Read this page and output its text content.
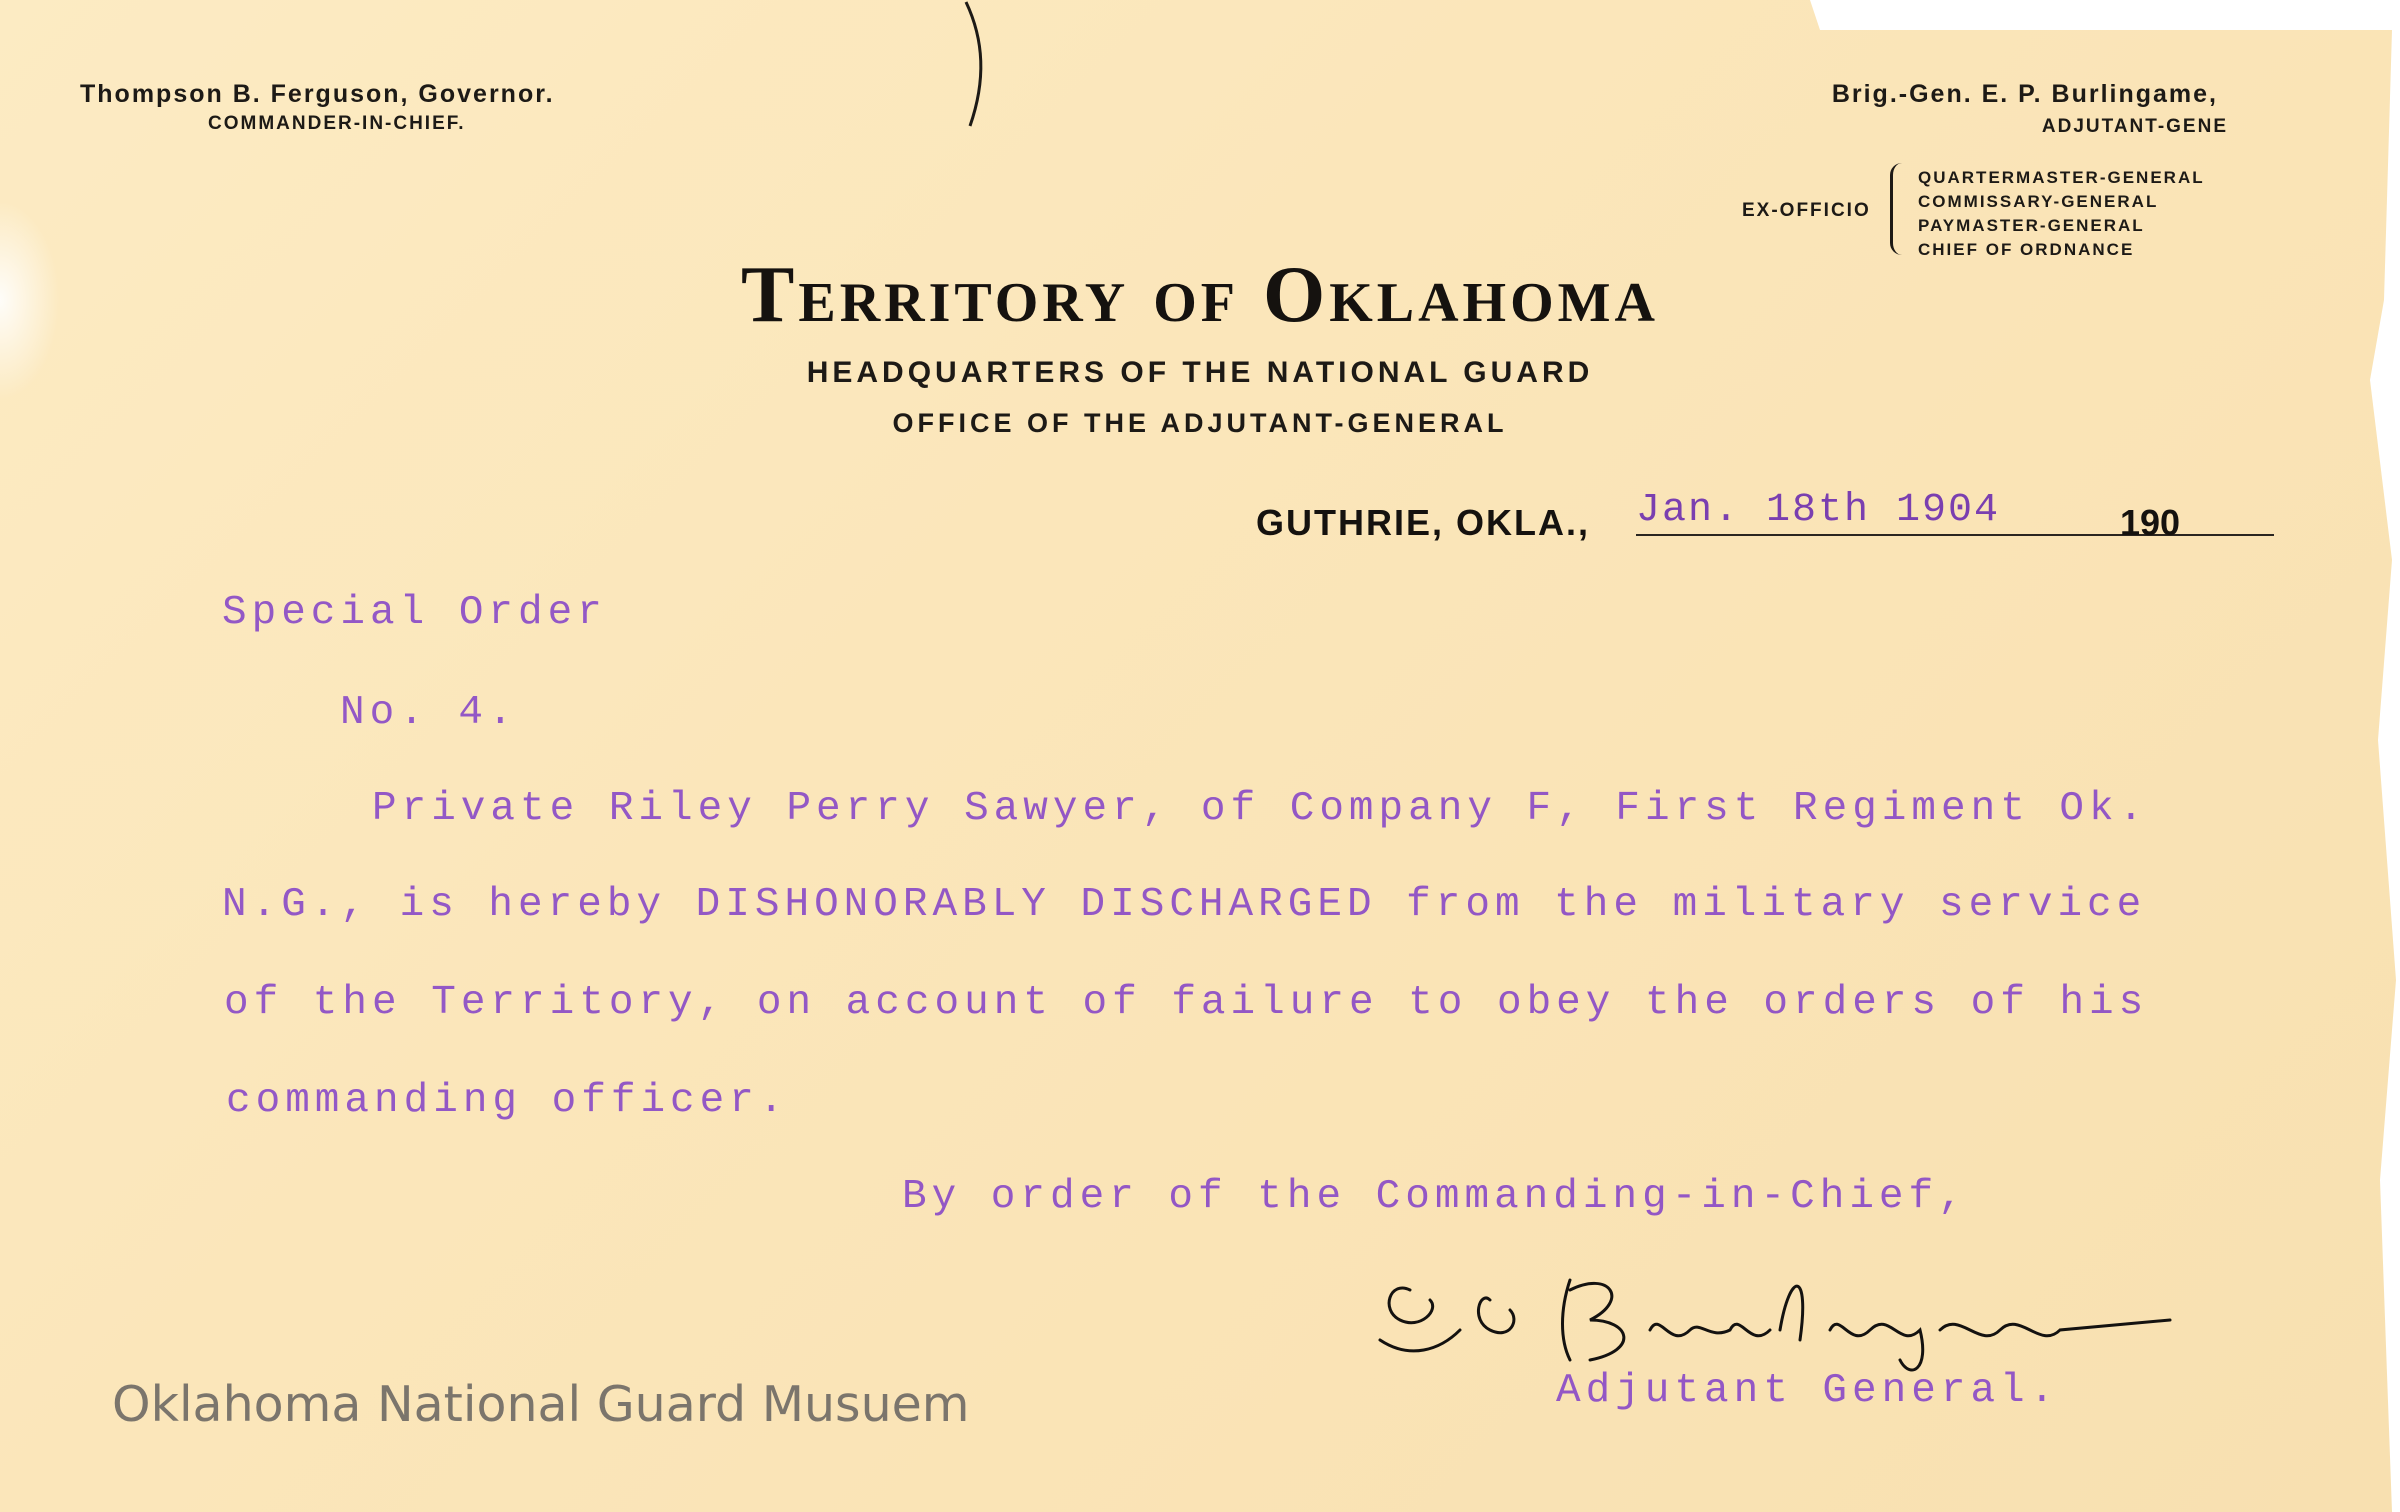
Thompson B. Ferguson, Governor.
COMMANDER-IN-CHIEF.
Brig.-Gen. E. P. Burlingame,
ADJUTANT-GENE
EX-OFFICIO
QUARTERMASTER-GENERAL
COMMISSARY-GENERAL
PAYMASTER-GENERAL
CHIEF OF ORDNANCE
Territory of Oklahoma
HEADQUARTERS OF THE NATIONAL GUARD
OFFICE OF THE ADJUTANT-GENERAL
GUTHRIE, OKLA., Jan. 18th 1904	190
Special Order
No. 4.
Private Riley Perry Sawyer, of Company F, First Regiment Ok.
N.G., is hereby DISHONORABLY DISCHARGED from the military service
of the Territory, on account of failure to obey the orders of his
commanding officer.
By order of the Commanding-in-Chief,
Adjutant General.
Oklahoma National Guard Musuem
